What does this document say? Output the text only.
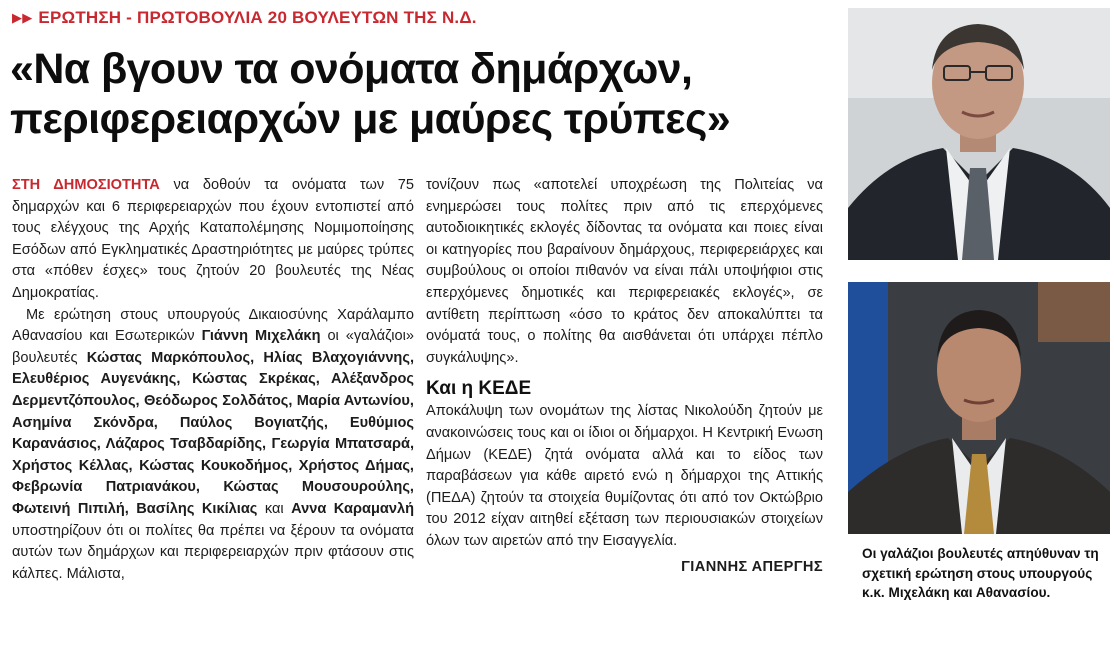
▶▶ ΕΡΩΤΗΣΗ - ΠΡΩΤΟΒΟΥΛΙΑ 20 ΒΟΥΛΕΥΤΩΝ ΤΗΣ Ν.Δ.
«Να βγουν τα ονόματα δημάρχων, περιφερειαρχών με μαύρες τρύπες»

ΣΤΗ ΔΗΜΟΣΙΟΤΗΤΑ να δοθούν τα ονόματα των 75 δημαρχών και 6 περιφερειαρχών που έχουν εντοπιστεί από τους ελέγχους της Αρχής Καταπολέμησης Νομιμοποίησης Εσόδων από Εγκληματικές Δραστηριότητες με μαύρες τρύπες στα «πόθεν έσχες» τους ζητούν 20 βουλευτές της Νέας Δημοκρατίας.

Με ερώτηση στους υπουργούς Δικαιοσύνης Χαράλαμπο Αθανασίου και Εσωτερικών Γιάννη Μιχελάκη οι «γαλάζιοι» βουλευτές Κώστας Μαρκόπουλος, Ηλίας Βλαχογιάννης, Ελευθέριος Αυγενάκης, Κώστας Σκρέκας, Αλέξανδρος Δερμεντζόπουλος, Θεόδωρος Σολδάτος, Μαρία Αντωνίου, Ασημίνα Σκόνδρα, Παύλος Βογιατζής, Ευθύμιος Καρανάσιος, Λάζαρος Τσαβδαρίδης, Γεωργία Μπατσαρά, Χρήστος Κέλλας, Κώστας Κουκοδήμος, Χρήστος Δήμας, Φεβρωνία Πατριανάκου, Κώστας Μουσουρούλης, Φωτεινή Πιπιλή, Βασίλης Κικίλιας και Αννα Καραμανλή υποστηρίζουν ότι οι πολίτες θα πρέπει να ξέρουν τα ονόματα αυτών των δημάρχων και περιφερειαρχών πριν φτάσουν στις κάλπες. Μάλιστα,

τονίζουν πως «αποτελεί υποχρέωση της Πολιτείας να ενημερώσει τους πολίτες πριν από τις επερχόμενες αυτοδιοικητικές εκλογές δίδοντας τα ονόματα και ποιες είναι οι κατηγορίες που βαραίνουν δημάρχους, περιφερειάρχες και συμβούλους οι οποίοι πιθανόν να είναι πάλι υποψήφιοι στις επερχόμενες δημοτικές και περιφερειακές εκλογές», σε αντίθετη περίπτωση «όσο το κράτος δεν αποκαλύπτει τα ονόματά τους, ο πολίτης θα αισθάνεται ότι υπάρχει πέπλο συγκάλυψης».

Και η ΚΕΔΕ

Αποκάλυψη των ονομάτων της λίστας Νικολούδη ζητούν με ανακοινώσεις τους και οι ίδιοι οι δήμαρχοι. Η Κεντρική Ενωση Δήμων (ΚΕΔΕ) ζητά ονόματα αλλά και το είδος των παραβάσεων για κάθε αιρετό ενώ η δήμαρχοι της Αττικής (ΠΕΔΑ) ζητούν τα στοιχεία θυμίζοντας ότι από τον Οκτώβριο του 2012 είχαν αιτηθεί εξέταση των περιουσιακών στοιχείων όλων των αιρετών από την Εισαγγελία.

ΓΙΑΝΝΗΣ ΑΠΕΡΓΗΣ
Οι γαλάζιοι βουλευτές απηύθυναν τη σχετική ερώτηση στους υπουργούς κ.κ. Μιχελάκη και Αθανασίου.
